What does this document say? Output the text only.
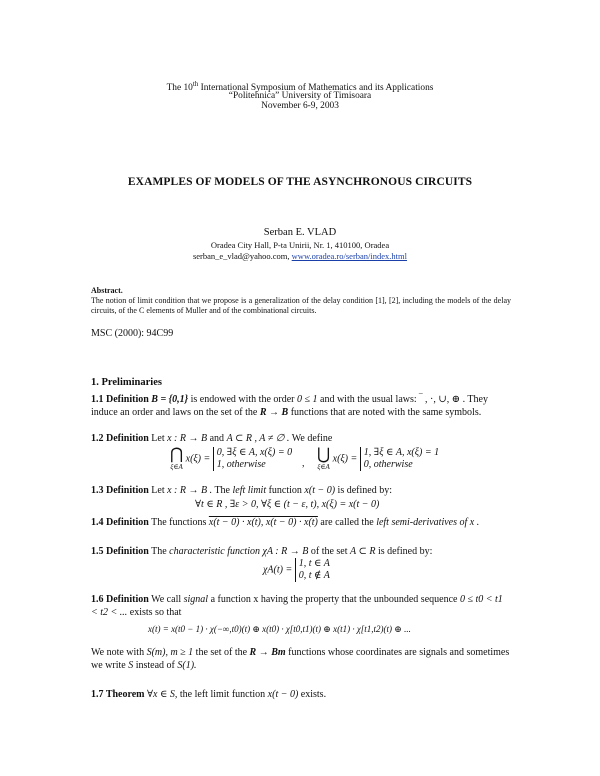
The 10th International Symposium of Mathematics and its Applications
“Politehnica” University of Timisoara
November 6-9, 2003
EXAMPLES OF MODELS OF THE ASYNCHRONOUS CIRCUITS
Serban E. VLAD
Oradea City Hall, P-ta Unirii, Nr. 1, 410100, Oradea
serban_e_vlad@yahoo.com, www.oradea.ro/serban/index.html
Abstract.
The notion of limit condition that we propose is a generalization of the delay condition [1], [2], including the models of the delay circuits, of the C elements of Muller and of the combinational circuits.
MSC (2000): 94C99
1. Preliminaries
1.1 Definition B = {0,1} is endowed with the order 0 ≤ 1 and with the usual laws: ‾ , ·, ∪, ⊕ . They induce an order and laws on the set of the R → B functions that are noted with the same symbols.
1.2 Definition Let x : R → B and A ⊂ R , A ≠ ∅ . We define
⋂
ξ∈A
x(ξ) =
0, ∃ξ ∈ A, x(ξ) = 0
1, otherwise	,
⋃
ξ∈A
x(ξ) =
1, ∃ξ ∈ A, x(ξ) = 1
0, otherwise
1.3 Definition Let x : R → B . The left limit function x(t − 0) is defined by:
∀t ∈ R , ∃ε > 0, ∀ξ ∈ (t − ε, t), x(ξ) = x(t − 0)
1.4 Definition The functions x(t − 0) · x(t), x(t − 0) · x(t) are called the left semi-derivatives of x .
1.5 Definition The characteristic function χA : R → B of the set A ⊂ R is defined by:
χA(t) =
1, t ∈ A
0, t ∉ A
1.6 Definition We call signal a function x having the property that the unbounded sequence 0 ≤ t0 < t1 < t2 < ... exists so that
x(t) = x(t0 − 1) · χ(−∞,t0)(t) ⊕ x(t0) · χ[t0,t1)(t) ⊕ x(t1) · χ[t1,t2)(t) ⊕ ...
We note with S(m), m ≥ 1 the set of the R → Bm functions whose coordinates are signals and sometimes we write S instead of S(1).
1.7 Theorem ∀x ∈ S, the left limit function x(t − 0) exists.
